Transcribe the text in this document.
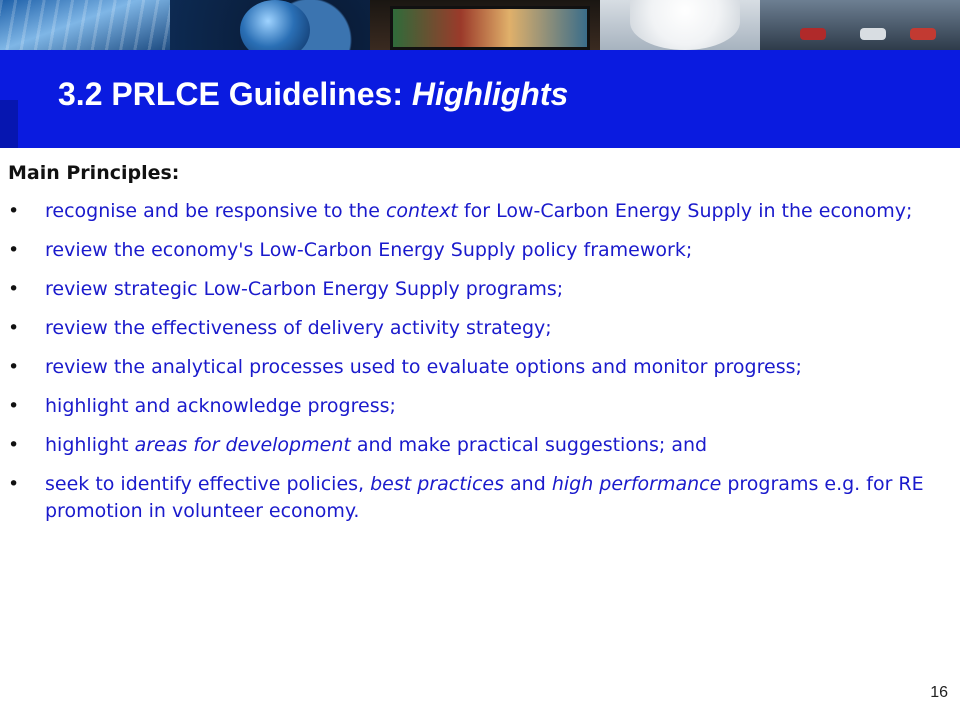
3.2 PRLCE Guidelines: Highlights

Main Principles:

• recognise and be responsive to the context for Low-Carbon Energy Supply in the economy;
• review the economy's Low-Carbon Energy Supply policy framework;
• review strategic Low-Carbon Energy Supply programs;
• review the effectiveness of delivery activity strategy;
• review the analytical processes used to evaluate options and monitor progress;
• highlight and acknowledge progress;
• highlight areas for development and make practical suggestions; and
• seek to identify effective policies, best practices and high performance programs e.g. for RE promotion in volunteer economy.
16
